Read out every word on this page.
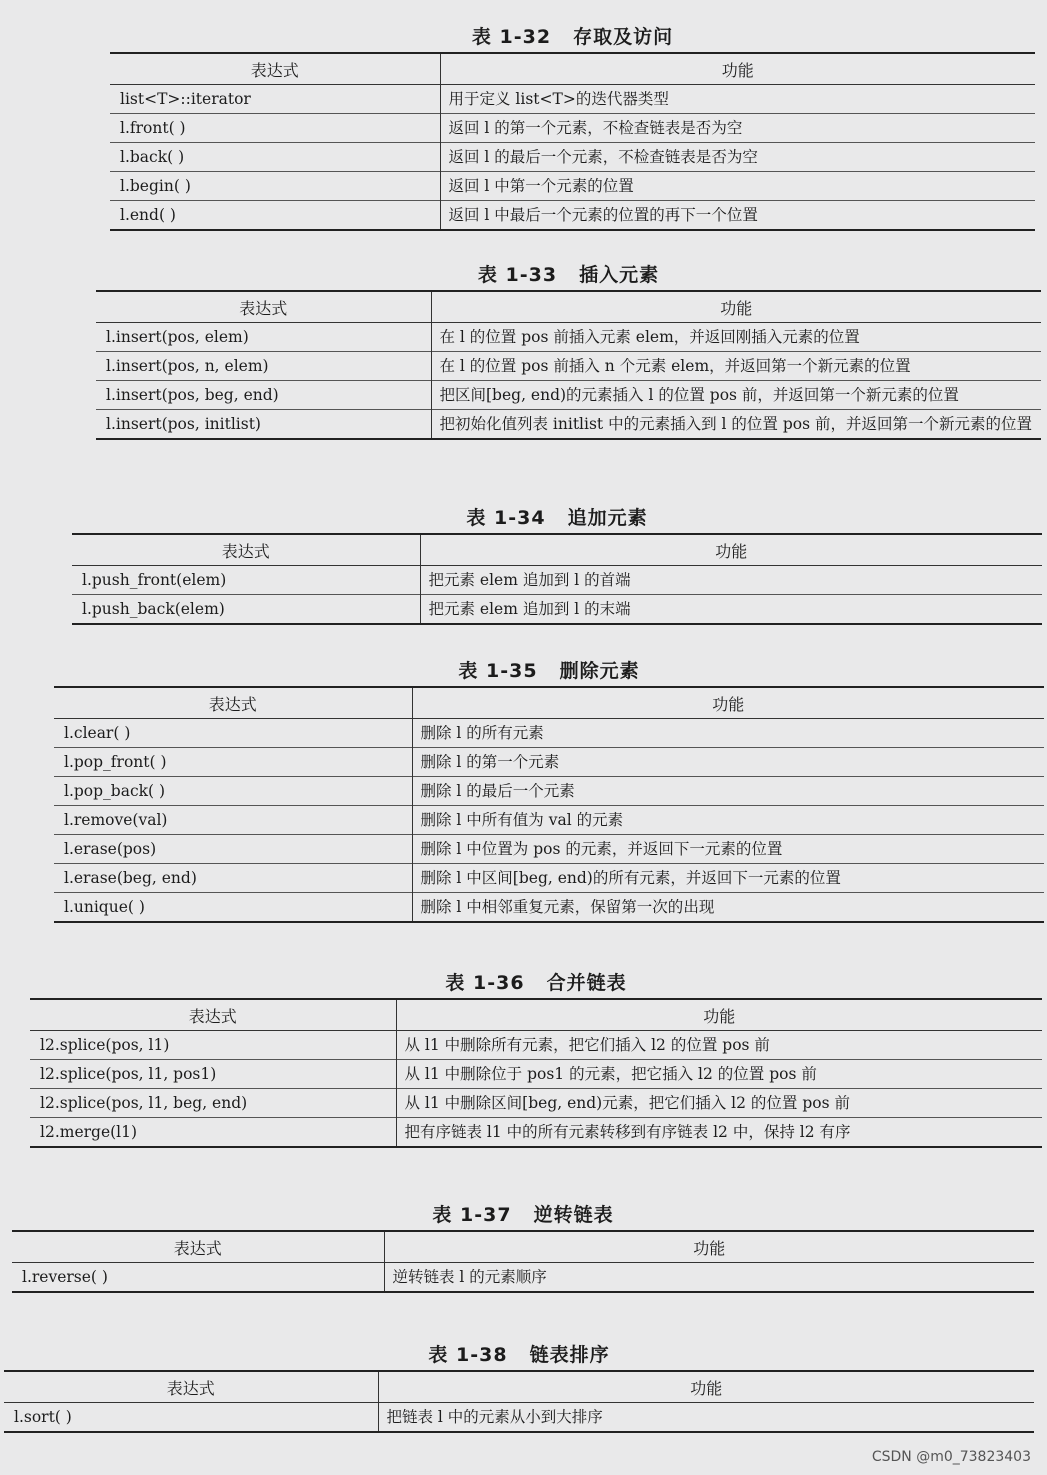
表 1-32 存取及访问
表达式	功能
list<T>::iterator	用于定义 list<T>的迭代器类型
l.front( )	返回 l 的第一个元素，不检查链表是否为空
l.back( )	返回 l 的最后一个元素，不检查链表是否为空
l.begin( )	返回 l 中第一个元素的位置
l.end( )	返回 l 中最后一个元素的位置的再下一个位置
表 1-33 插入元素
表达式	功能
l.insert(pos, elem)	在 l 的位置 pos 前插入元素 elem，并返回刚插入元素的位置
l.insert(pos, n, elem)	在 l 的位置 pos 前插入 n 个元素 elem，并返回第一个新元素的位置
l.insert(pos, beg, end)	把区间[beg, end)的元素插入 l 的位置 pos 前，并返回第一个新元素的位置
l.insert(pos, initlist)	把初始化值列表 initlist 中的元素插入到 l 的位置 pos 前，并返回第一个新元素的位置
表 1-34 追加元素
表达式	功能
l.push_front(elem)	把元素 elem 追加到 l 的首端
l.push_back(elem)	把元素 elem 追加到 l 的末端
表 1-35 删除元素
表达式	功能
l.clear( )	删除 l 的所有元素
l.pop_front( )	删除 l 的第一个元素
l.pop_back( )	删除 l 的最后一个元素
l.remove(val)	删除 l 中所有值为 val 的元素
l.erase(pos)	删除 l 中位置为 pos 的元素，并返回下一元素的位置
l.erase(beg, end)	删除 l 中区间[beg, end)的所有元素，并返回下一元素的位置
l.unique( )	删除 l 中相邻重复元素，保留第一次的出现
表 1-36 合并链表
表达式	功能
l2.splice(pos, l1)	从 l1 中删除所有元素，把它们插入 l2 的位置 pos 前
l2.splice(pos, l1, pos1)	从 l1 中删除位于 pos1 的元素，把它插入 l2 的位置 pos 前
l2.splice(pos, l1, beg, end)	从 l1 中删除区间[beg, end)元素，把它们插入 l2 的位置 pos 前
l2.merge(l1)	把有序链表 l1 中的所有元素转移到有序链表 l2 中，保持 l2 有序
表 1-37 逆转链表
表达式	功能
l.reverse( )	逆转链表 l 的元素顺序
表 1-38 链表排序
表达式	功能
l.sort( )	把链表 l 中的元素从小到大排序
CSDN @m0_73823403
